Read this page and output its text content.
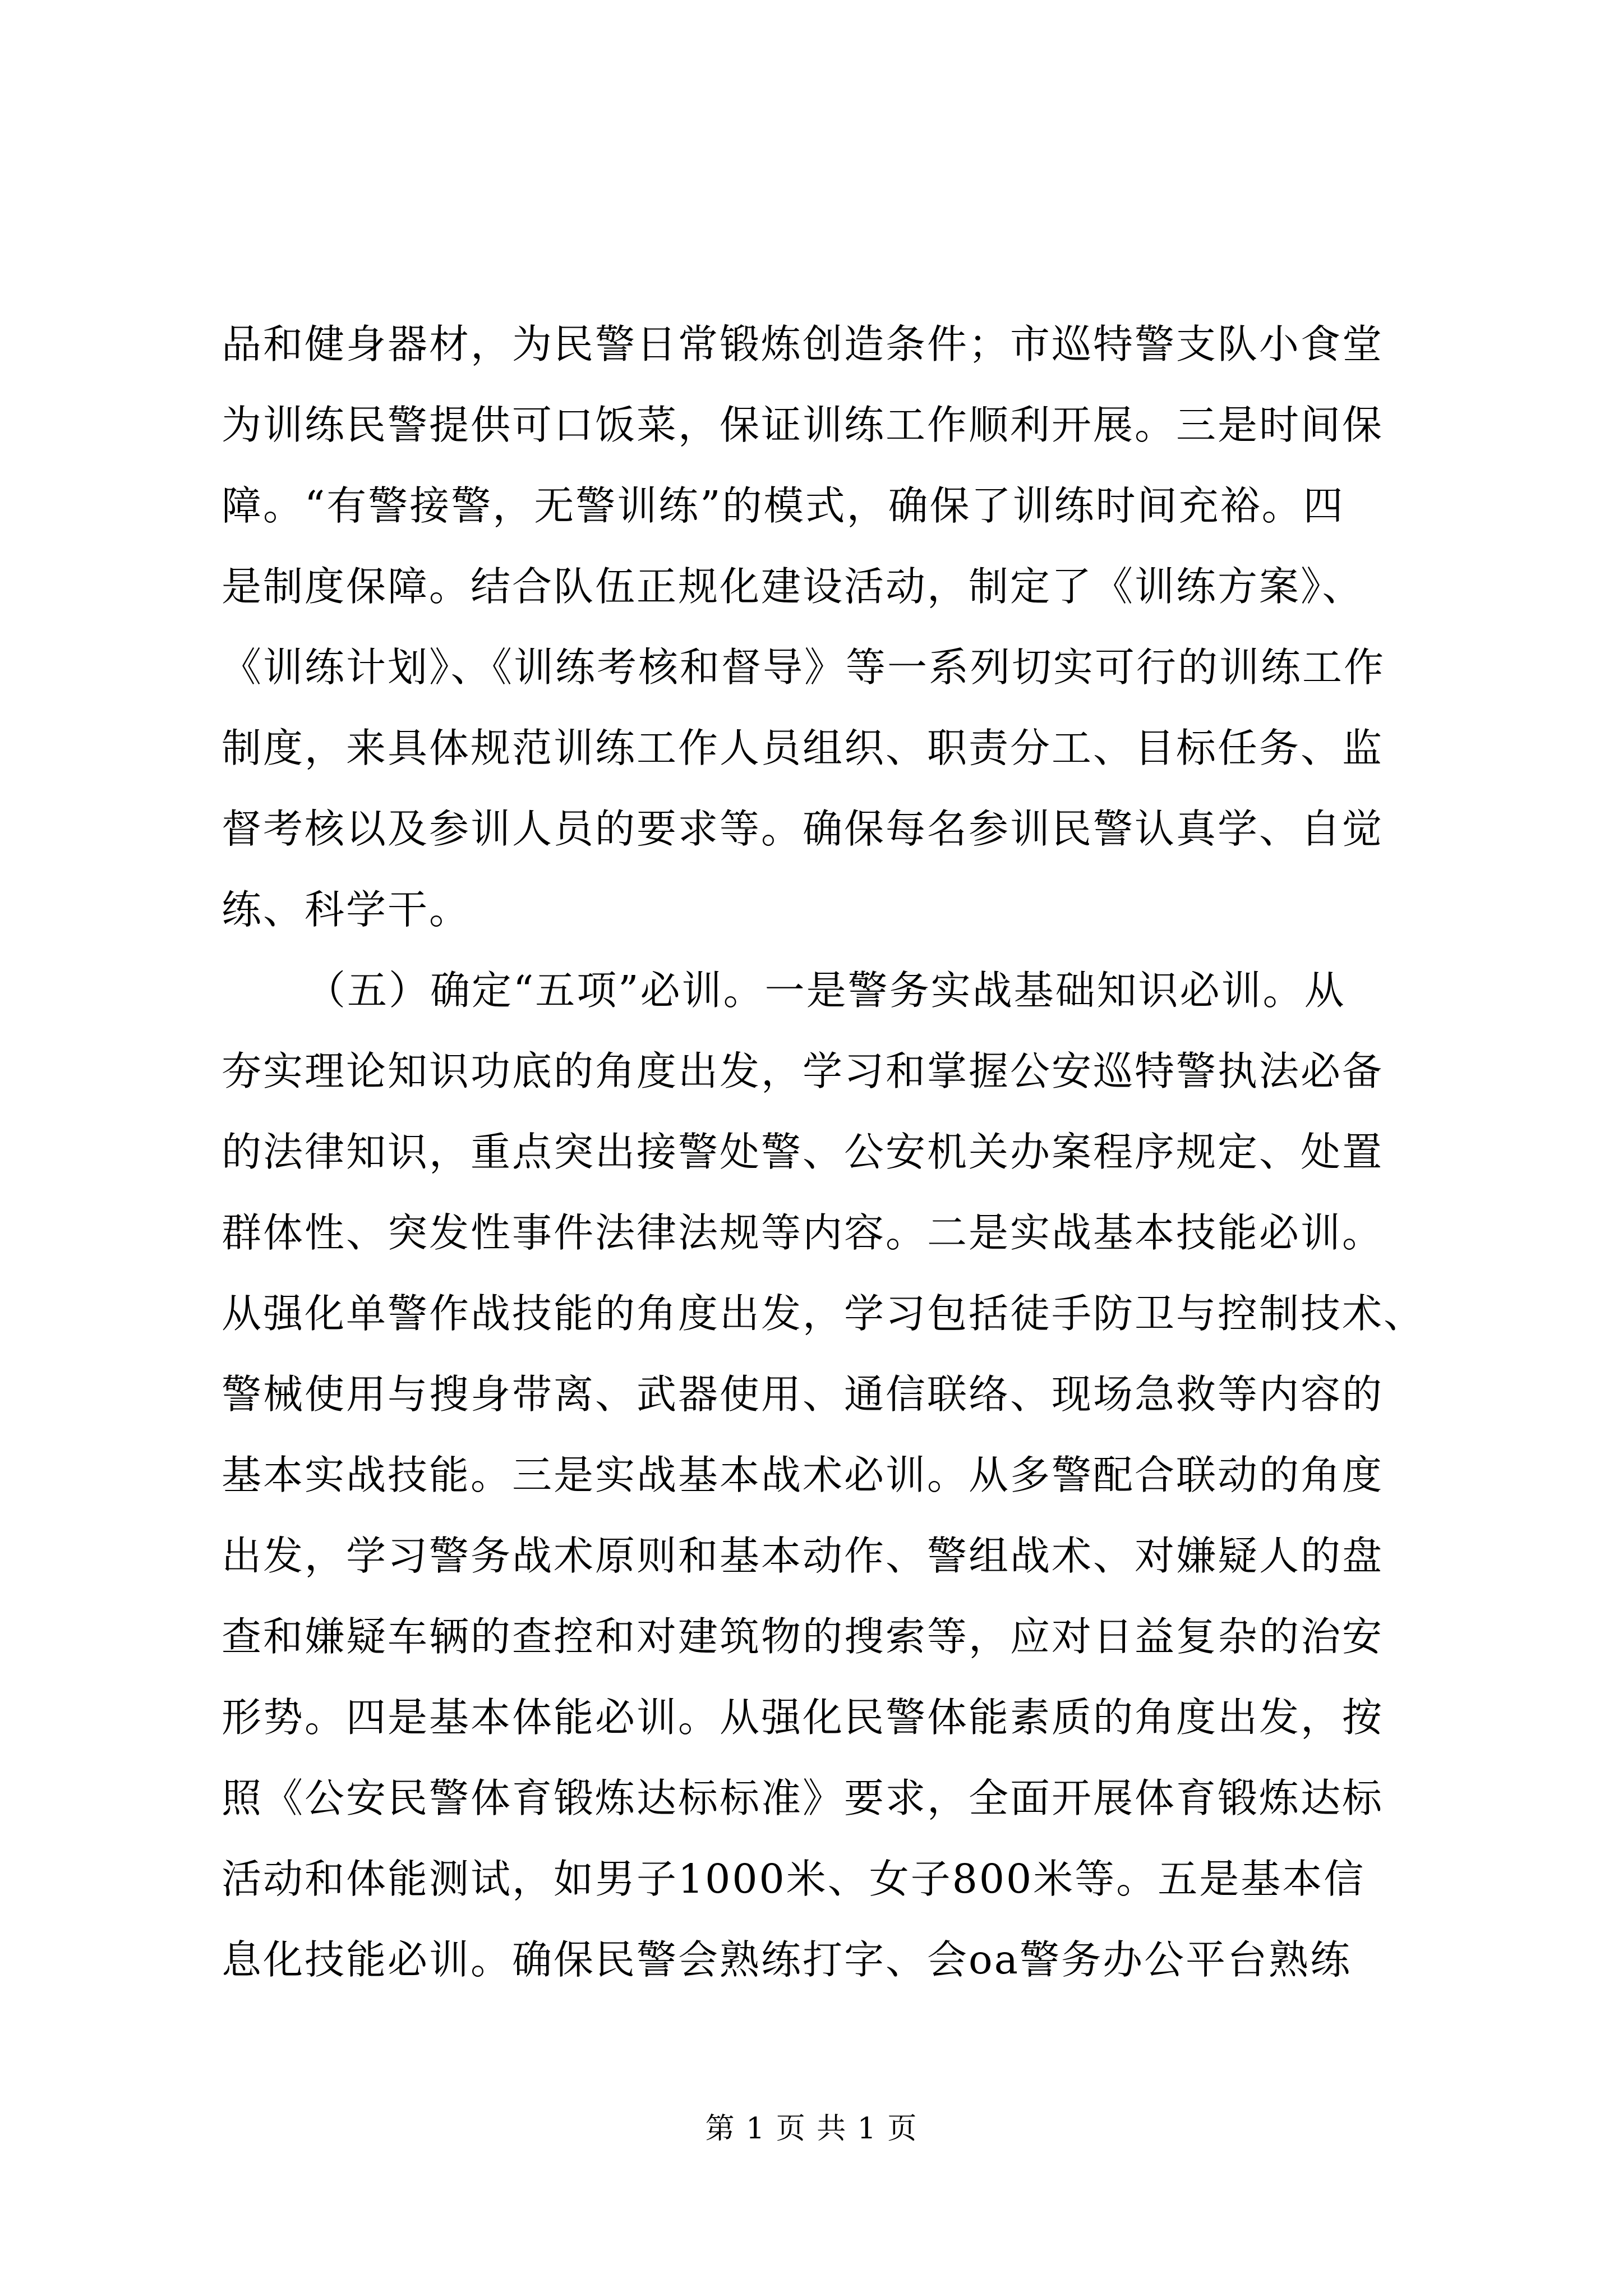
品和健身器材，为民警日常锻炼创造条件；市巡特警支队小食堂
为训练民警提供可口饭菜，保证训练工作顺利开展。三是时间保
障。“有警接警，无警训练”的模式，确保了训练时间充裕。四
是制度保障。结合队伍正规化建设活动，制定了《训练方案》、
《训练计划》、《训练考核和督导》等一系列切实可行的训练工作
制度，来具体规范训练工作人员组织、职责分工、目标任务、监
督考核以及参训人员的要求等。确保每名参训民警认真学、自觉
练、科学干。
（五）确定“五项”必训。一是警务实战基础知识必训。从
夯实理论知识功底的角度出发，学习和掌握公安巡特警执法必备
的法律知识，重点突出接警处警、公安机关办案程序规定、处置
群体性、突发性事件法律法规等内容。二是实战基本技能必训。
从强化单警作战技能的角度出发，学习包括徒手防卫与控制技术、
警械使用与搜身带离、武器使用、通信联络、现场急救等内容的
基本实战技能。三是实战基本战术必训。从多警配合联动的角度
出发，学习警务战术原则和基本动作、警组战术、对嫌疑人的盘
查和嫌疑车辆的查控和对建筑物的搜索等，应对日益复杂的治安
形势。四是基本体能必训。从强化民警体能素质的角度出发，按
照《公安民警体育锻炼达标标准》要求，全面开展体育锻炼达标
活动和体能测试，如男子1000米、女子800米等。五是基本信
息化技能必训。确保民警会熟练打字、会oa警务办公平台熟练
第 1 页 共 1 页
